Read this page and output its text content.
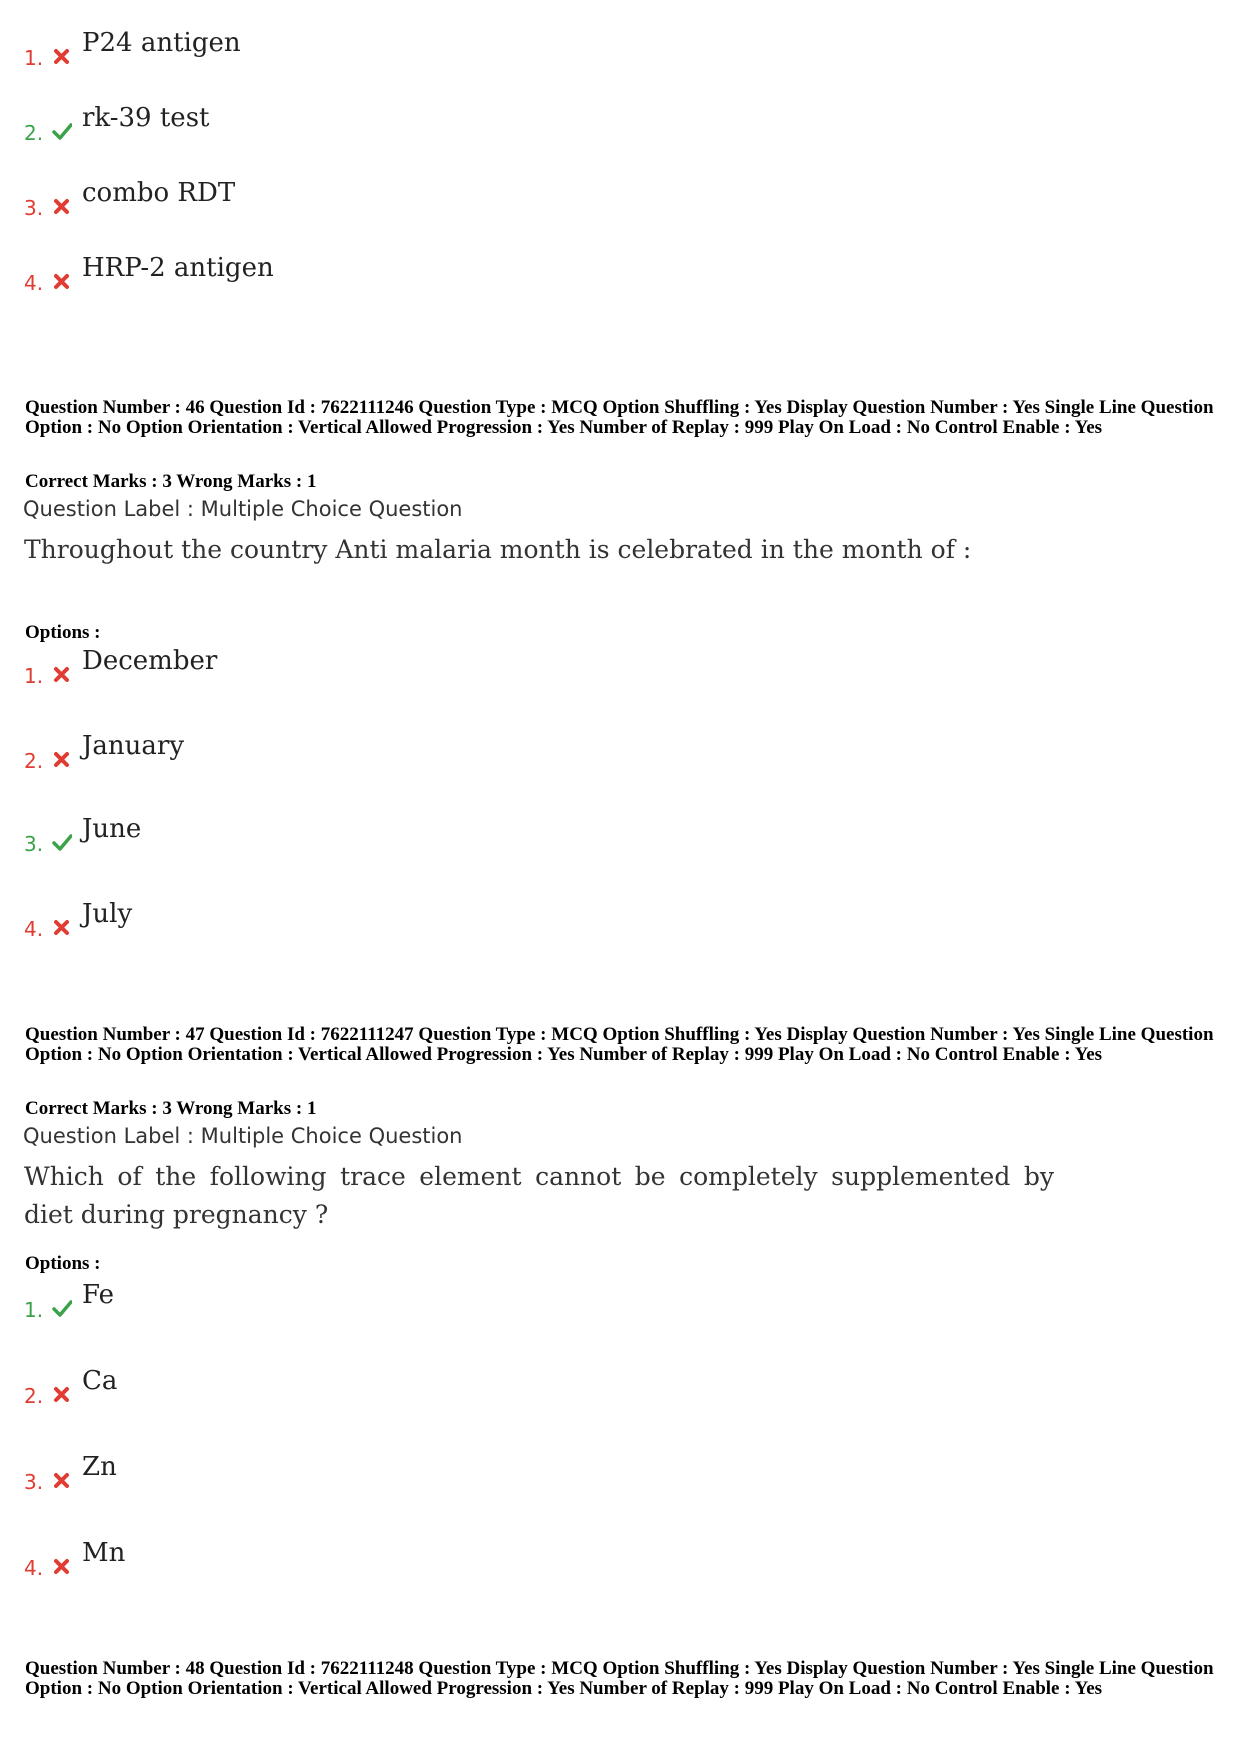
1. P24 antigen
2. rk-39 test
3. combo RDT
4. HRP-2 antigen
Question Number : 46 Question Id : 7622111246 Question Type : MCQ Option Shuffling : Yes Display Question Number : Yes Single Line Question Option : No Option Orientation : Vertical Allowed Progression : Yes Number of Replay : 999 Play On Load : No Control Enable : Yes
Correct Marks : 3 Wrong Marks : 1
Question Label : Multiple Choice Question
Throughout the country Anti malaria month is celebrated in the month of :
Options :
1. December
2. January
3. June
4. July
Question Number : 47 Question Id : 7622111247 Question Type : MCQ Option Shuffling : Yes Display Question Number : Yes Single Line Question Option : No Option Orientation : Vertical Allowed Progression : Yes Number of Replay : 999 Play On Load : No Control Enable : Yes
Correct Marks : 3 Wrong Marks : 1
Question Label : Multiple Choice Question
Which of the following trace element cannot be completely supplemented by diet during pregnancy ?
Options :
1. Fe
2. Ca
3. Zn
4. Mn
Question Number : 48 Question Id : 7622111248 Question Type : MCQ Option Shuffling : Yes Display Question Number : Yes Single Line Question Option : No Option Orientation : Vertical Allowed Progression : Yes Number of Replay : 999 Play On Load : No Control Enable : Yes
